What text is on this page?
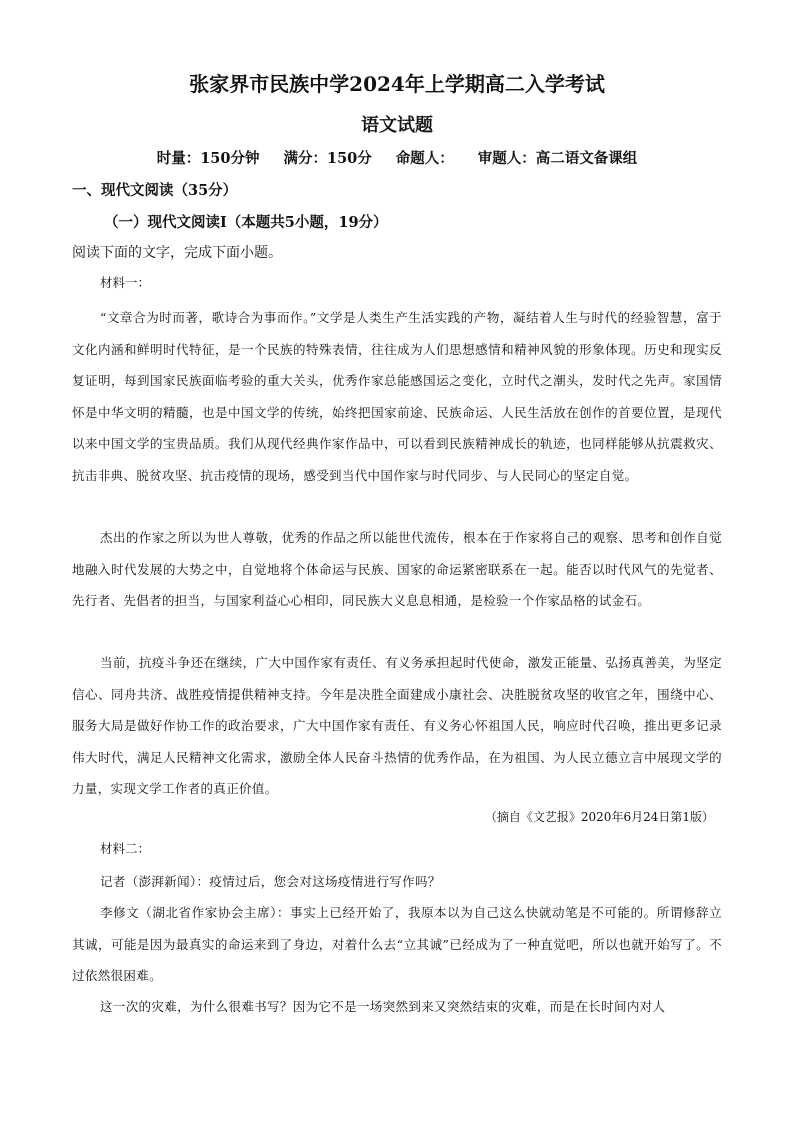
张家界市民族中学2024年上学期高二入学考试
语文试题
时量：150分钟 满分：150分 命题人： 审题人：高二语文备课组
一、现代文阅读（35分）
（一）现代文阅读Ⅰ（本题共5小题，19分）
阅读下面的文字，完成下面小题。
材料一：
“文章合为时而著，歌诗合为事而作。”文学是人类生产生活实践的产物，凝结着人生与时代的经验智慧，富于文化内涵和鲜明时代特征，是一个民族的特殊表情，往往成为人们思想感情和精神风貌的形象体现。历史和现实反复证明，每到国家民族面临考验的重大关头，优秀作家总能感国运之变化，立时代之潮头，发时代之先声。家国情怀是中华文明的精髓，也是中国文学的传统，始终把国家前途、民族命运、人民生活放在创作的首要位置，是现代以来中国文学的宝贵品质。我们从现代经典作家作品中，可以看到民族精神成长的轨迹，也同样能够从抗震救灾、抗击非典、脱贫攻坚、抗击疫情的现场，感受到当代中国作家与时代同步、与人民同心的坚定自觉。
杰出的作家之所以为世人尊敬，优秀的作品之所以能世代流传，根本在于作家将自己的观察、思考和创作自觉地融入时代发展的大势之中，自觉地将个体命运与民族、国家的命运紧密联系在一起。能否以时代风气的先觉者、先行者、先倡者的担当，与国家利益心心相印，同民族大义息息相通，是检验一个作家品格的试金石。
当前，抗疫斗争还在继续，广大中国作家有责任、有义务承担起时代使命，激发正能量、弘扬真善美，为坚定信心、同舟共济、战胜疫情提供精神支持。今年是决胜全面建成小康社会、决胜脱贫攻坚的收官之年，围绕中心、服务大局是做好作协工作的政治要求，广大中国作家有责任、有义务心怀祖国人民，响应时代召唤，推出更多记录伟大时代，满足人民精神文化需求，激励全体人民奋斗热情的优秀作品，在为祖国、为人民立德立言中展现文学的力量，实现文学工作者的真正价值。
（摘自《文艺报》2020年6月24日第1版）
材料二：
记者（澎湃新闻）：疫情过后，您会对这场疫情进行写作吗？
李修文（湖北省作家协会主席）：事实上已经开始了，我原本以为自己这么快就动笔是不可能的。所谓修辞立其诚，可能是因为最真实的命运来到了身边，对着什么去“立其诚”已经成为了一种直觉吧，所以也就开始写了。不过依然很困难。
这一次的灾难，为什么很难书写？因为它不是一场突然到来又突然结束的灾难，而是在长时间内对人
